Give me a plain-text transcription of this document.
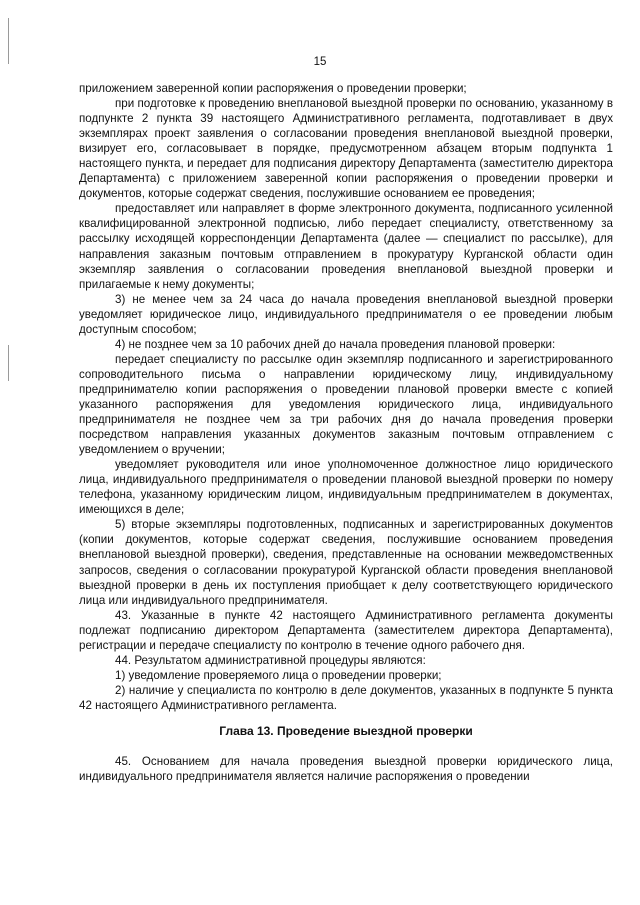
15

приложением заверенной копии распоряжения о проведении проверки;

при подготовке к проведению внеплановой выездной проверки по основанию, указанному в подпункте 2 пункта 39 настоящего Административного регламента, подготавливает в двух экземплярах проект заявления о согласовании проведения внеплановой выездной проверки, визирует его, согласовывает в порядке, предусмотренном абзацем вторым подпункта 1 настоящего пункта, и передает для подписания директору Департамента (заместителю директора Департамента) с приложением заверенной копии распоряжения о проведении проверки и документов, которые содержат сведения, послужившие основанием ее проведения;

предоставляет или направляет в форме электронного документа, подписанного усиленной квалифицированной электронной подписью, либо передает специалисту, ответственному за рассылку исходящей корреспонденции Департамента (далее — специалист по рассылке), для направления заказным почтовым отправлением в прокуратуру Курганской области один экземпляр заявления о согласовании проведения внеплановой выездной проверки и прилагаемые к нему документы;

3) не менее чем за 24 часа до начала проведения внеплановой выездной проверки уведомляет юридическое лицо, индивидуального предпринимателя о ее проведении любым доступным способом;

4) не позднее чем за 10 рабочих дней до начала проведения плановой проверки:

передает специалисту по рассылке один экземпляр подписанного и зарегистрированного сопроводительного письма о направлении юридическому лицу, индивидуальному предпринимателю копии распоряжения о проведении плановой проверки вместе с копией указанного распоряжения для уведомления юридического лица, индивидуального предпринимателя не позднее чем за три рабочих дня до начала проведения проверки посредством направления указанных документов заказным почтовым отправлением с уведомлением о вручении;

уведомляет руководителя или иное уполномоченное должностное лицо юридического лица, индивидуального предпринимателя о проведении плановой выездной проверки по номеру телефона, указанному юридическим лицом, индивидуальным предпринимателем в документах, имеющихся в деле;

5) вторые экземпляры подготовленных, подписанных и зарегистрированных документов (копии документов, которые содержат сведения, послужившие основанием проведения внеплановой выездной проверки), сведения, представленные на основании межведомственных запросов, сведения о согласовании прокуратурой Курганской области проведения внеплановой выездной проверки в день их поступления приобщает к делу соответствующего юридического лица или индивидуального предпринимателя.

43. Указанные в пункте 42 настоящего Административного регламента документы подлежат подписанию директором Департамента (заместителем директора Департамента), регистрации и передаче специалисту по контролю в течение одного рабочего дня.

44. Результатом административной процедуры являются:

1) уведомление проверяемого лица о проведении проверки;

2) наличие у специалиста по контролю в деле документов, указанных в подпункте 5 пункта 42 настоящего Административного регламента.

Глава 13. Проведение выездной проверки

45. Основанием для начала проведения выездной проверки юридического лица, индивидуального предпринимателя является наличие распоряжения о проведении
